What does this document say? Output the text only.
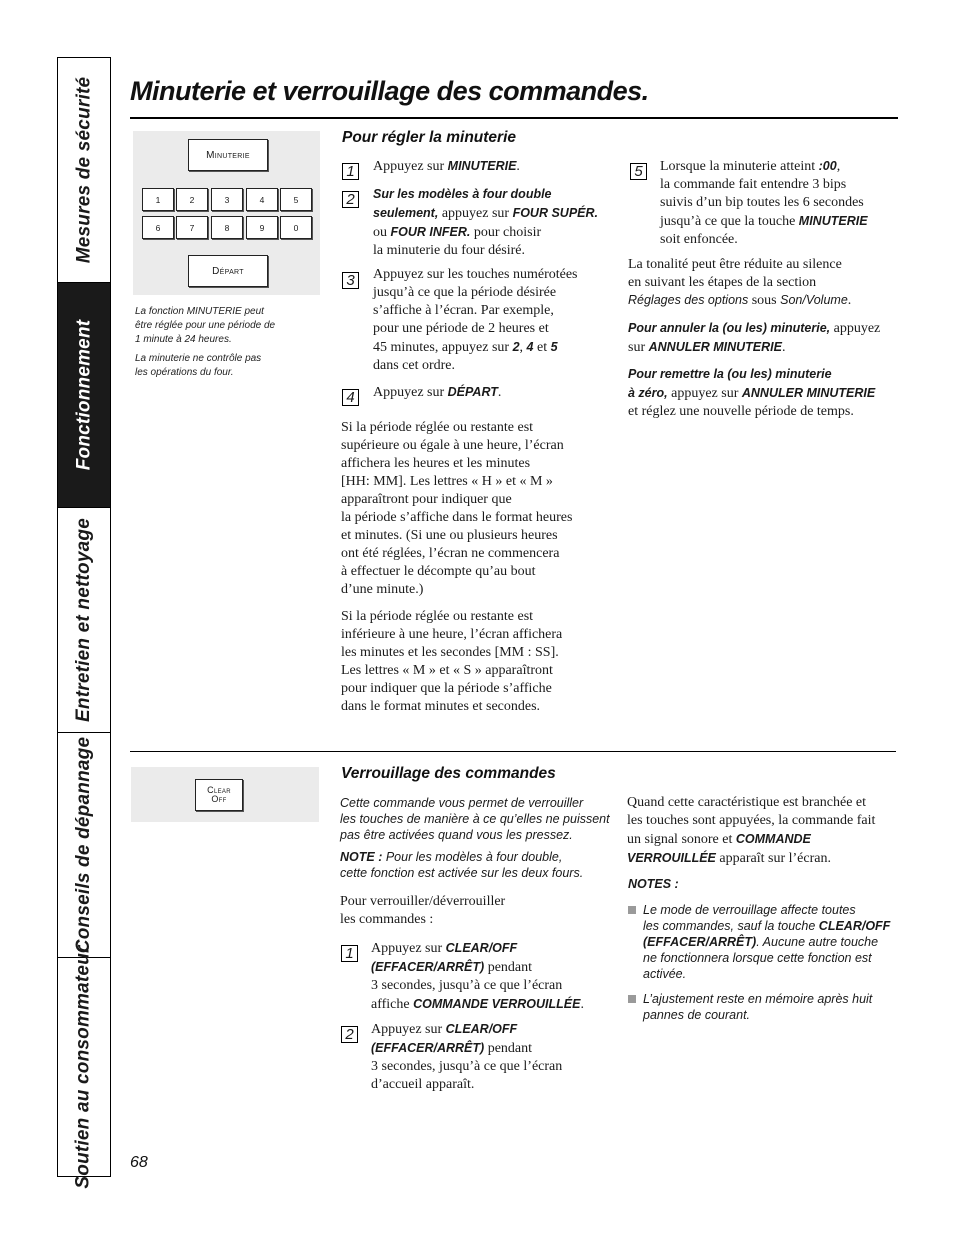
Mesures de sécurité
Fonctionnement
Entretien et nettoyage
Conseils de dépannage
Soutien au consommateur
Minuterie et verrouillage des commandes.
Minuterie
1	2	3	4	5
6	7	8	9	0
Départ
La fonction MINUTERIE peut
être réglée pour une période de
1 minute à 24 heures.
La minuterie ne contrôle pas
les opérations du four.
Pour régler la minuterie
1	Appuyez sur MINUTERIE.
2	Sur les modèles à four double
seulement, appuyez sur FOUR SUPÉR.
ou FOUR INFER. pour choisir
la minuterie du four désiré.
3	Appuyez sur les touches numérotées
jusqu’à ce que la période désirée
s’affiche à l’écran. Par exemple,
pour une période de 2 heures et
45 minutes, appuyez sur 2, 4 et 5
dans cet ordre.
4	Appuyez sur DÉPART.
Si la période réglée ou restante est
supérieure ou égale à une heure, l’écran
affichera les heures et les minutes
[HH: MM]. Les lettres « H » et « M »
apparaîtront pour indiquer que
la période s’affiche dans le format heures
et minutes. (Si une ou plusieurs heures
ont été réglées, l’écran ne commencera
à effectuer le décompte qu’au bout
d’une minute.)
Si la période réglée ou restante est
inférieure à une heure, l’écran affichera
les minutes et les secondes [MM : SS].
Les lettres « M » et « S » apparaîtront
pour indiquer que la période s’affiche
dans le format minutes et secondes.
5	Lorsque la minuterie atteint :00,
la commande fait entendre 3 bips
suivis d’un bip toutes les 6 secondes
jusqu’à ce que la touche MINUTERIE
soit enfoncée.
La tonalité peut être réduite au silence
en suivant les étapes de la section
Réglages des options sous Son/Volume.
Pour annuler la (ou les) minuterie, appuyez
sur ANNULER MINUTERIE.
Pour remettre la (ou les) minuterie
à zéro, appuyez sur ANNULER MINUTERIE
et réglez une nouvelle période de temps.
Clear
Off
Verrouillage des commandes
Cette commande vous permet de verrouiller
les touches de manière à ce qu’elles ne puissent
pas être activées quand vous les pressez.
NOTE : Pour les modèles à four double,
cette fonction est activée sur les deux fours.
Pour verrouiller/déverrouiller
les commandes :
1	Appuyez sur CLEAR/OFF
(EFFACER/ARRÊT) pendant
3 secondes, jusqu’à ce que l’écran
affiche COMMANDE VERROUILLÉE.
2	Appuyez sur CLEAR/OFF
(EFFACER/ARRÊT) pendant
3 secondes, jusqu’à ce que l’écran
d’accueil apparaît.
Quand cette caractéristique est branchée et
les touches sont appuyées, la commande fait
un signal sonore et COMMANDE
VERROUILLÉE apparaît sur l’écran.
NOTES :
Le mode de verrouillage affecte toutes
les commandes, sauf la touche CLEAR/OFF
(EFFACER/ARRÊT). Aucune autre touche
ne fonctionnera lorsque cette fonction est
activée.
L’ajustement reste en mémoire après huit
pannes de courant.
68
